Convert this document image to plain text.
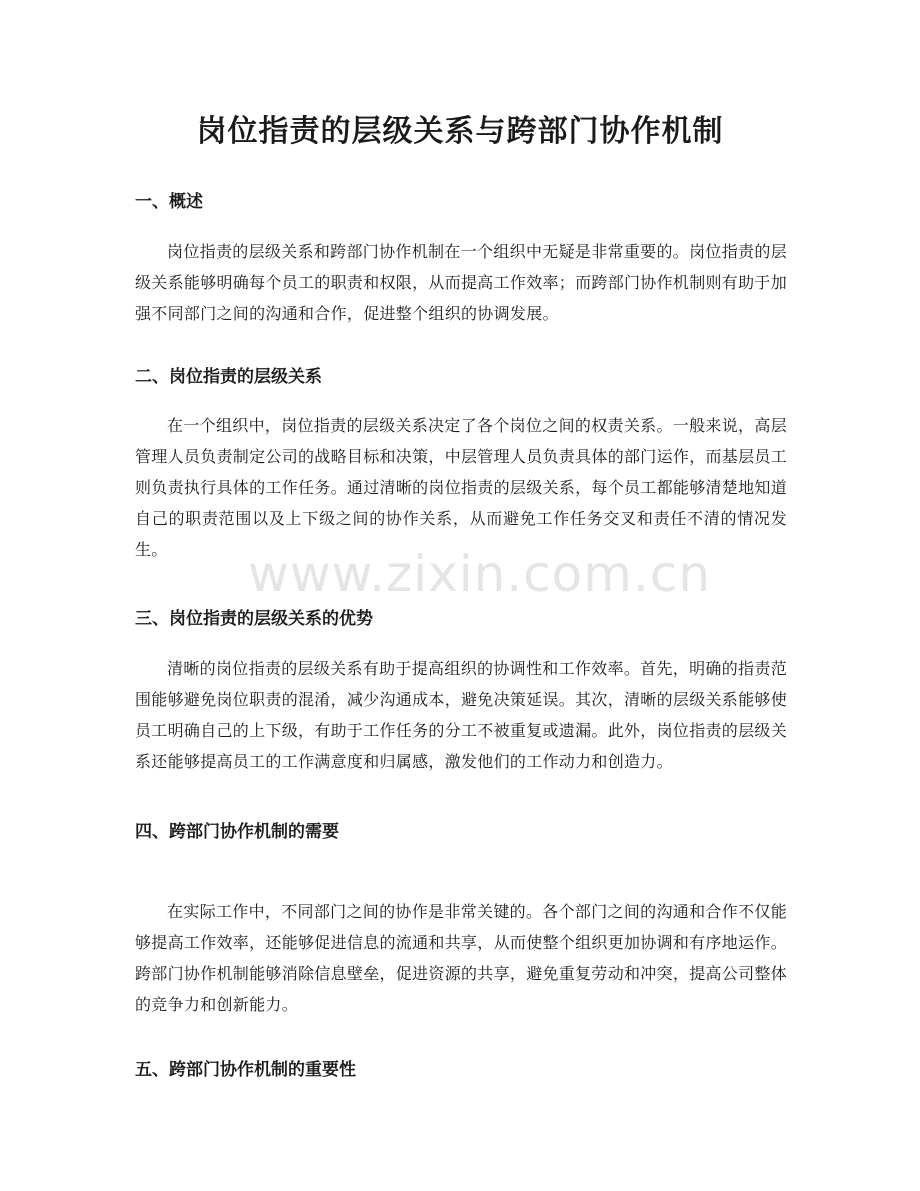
岗位指责的层级关系与跨部门协作机制
一、概述

岗位指责的层级关系和跨部门协作机制在一个组织中无疑是非常重要的。岗位指责的层级关系能够明确每个员工的职责和权限，从而提高工作效率；而跨部门协作机制则有助于加强不同部门之间的沟通和合作，促进整个组织的协调发展。

二、岗位指责的层级关系

在一个组织中，岗位指责的层级关系决定了各个岗位之间的权责关系。一般来说，高层管理人员负责制定公司的战略目标和决策，中层管理人员负责具体的部门运作，而基层员工则负责执行具体的工作任务。通过清晰的岗位指责的层级关系，每个员工都能够清楚地知道自己的职责范围以及上下级之间的协作关系，从而避免工作任务交叉和责任不清的情况发生。

三、岗位指责的层级关系的优势

清晰的岗位指责的层级关系有助于提高组织的协调性和工作效率。首先，明确的指责范围能够避免岗位职责的混淆，减少沟通成本，避免决策延误。其次，清晰的层级关系能够使员工明确自己的上下级，有助于工作任务的分工不被重复或遗漏。此外，岗位指责的层级关系还能够提高员工的工作满意度和归属感，激发他们的工作动力和创造力。

四、跨部门协作机制的需要

在实际工作中，不同部门之间的协作是非常关键的。各个部门之间的沟通和合作不仅能够提高工作效率，还能够促进信息的流通和共享，从而使整个组织更加协调和有序地运作。跨部门协作机制能够消除信息壁垒，促进资源的共享，避免重复劳动和冲突，提高公司整体的竞争力和创新能力。

五、跨部门协作机制的重要性
www.zixin.com.cn
